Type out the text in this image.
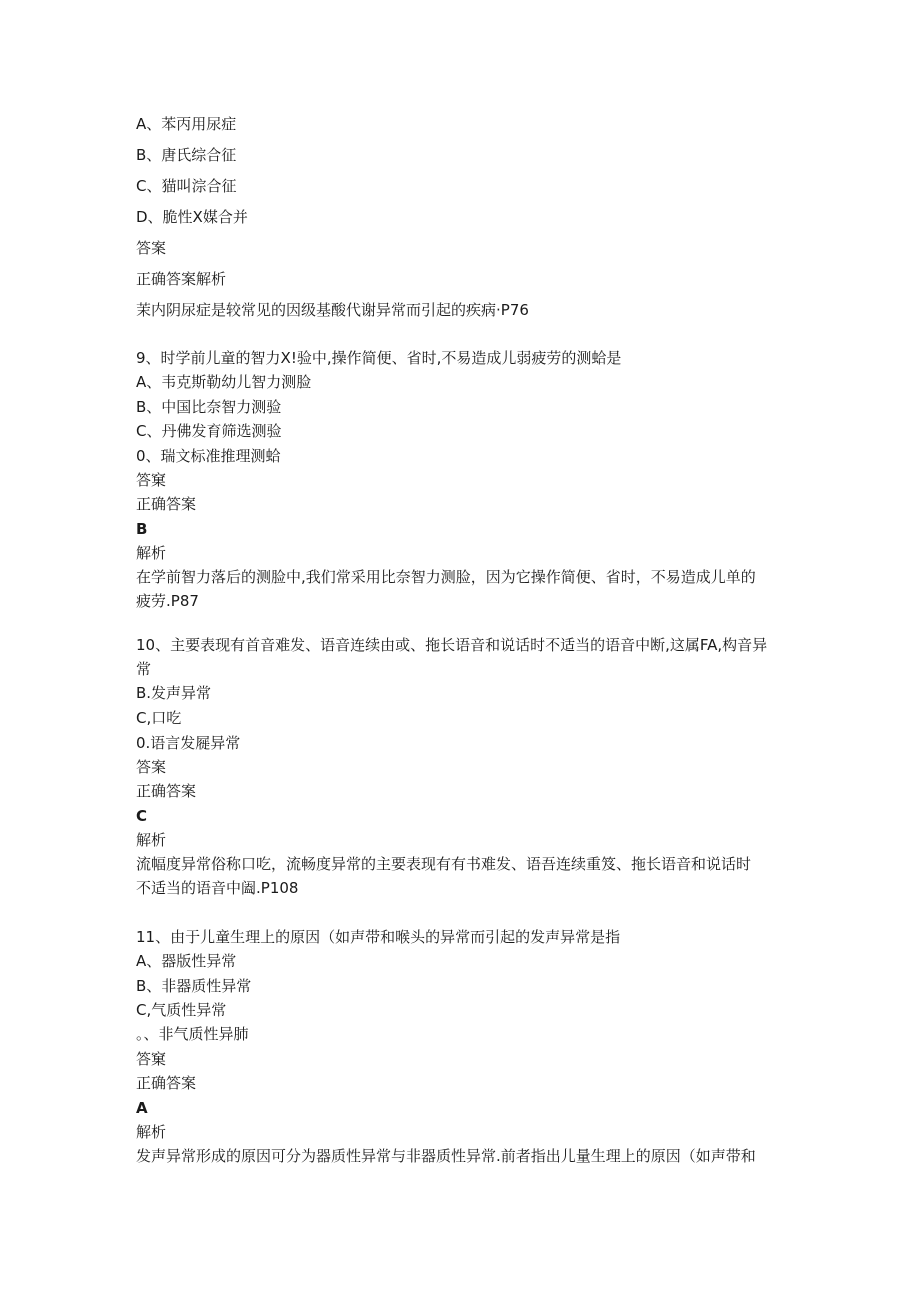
A、苯丙用尿症
B、唐氏综合征
C、猫叫淙合征
D、脆性X媒合并
答案
正确答案解析
茉内阴尿症是较常见的因级基酸代谢异常而引起的疾病·P76
9、时学前儿童的智力X!验中,操作简便、省时,不易造成儿弱疲劳的测蛤是
A、韦克斯勒幼儿智力测脸
B、中国比奈智力测验
C、丹佛发育筛选测验
0、瑞文标准推理测蛤
答窠
正确答案
B
解析
在学前智力落后的测脸中,我们常采用比奈智力测脸，因为它操作简便、省时，不易造成儿单的
疲劳.P87
10、主要表现有首音难发、语音连续由或、拖长语音和说话时不适当的语音中断,这属FA,构音异
常
B.发声异常
C,口吃
0.语言发屣异常
答案
正确答案
C
解析
流幅度异常俗称口吃，流畅度异常的主要表现有有书难发、语吾连续重笈、拖长语音和说话时
不适当的语音中阖.P108
11、由于儿童生理上的原因（如声带和喉头的异常而引起的发声异常是指
A、器版性异常
B、非器质性异常
C,气质性异常
。、非气质性异肺
答窠
正确答案
A
解析
发声异常形成的原因可分为器质性异常与非器质性异常.前者指出儿量生理上的原因（如声带和
